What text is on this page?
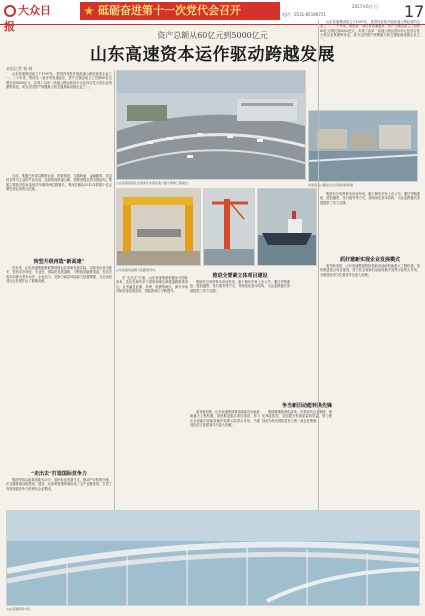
大众日报
砥砺奋进第十一次党代会召开	电话：0531-85196721
2017年6月 日	17
资产总额从60亿元到5000亿元
山东高速资本运作驱动跨越发展
本报记者 杨 峰
山东高速集团在全国率先实现高速公路大修施工新模式。	中国高速公路综合运营服务新版图
山东高速集团旗下铁路建设中。
山东高速集团成立于1997年，是国内首批开展高速公路经营的企业之一。二十年来，集团从一条济青高速起步，资产总额由成立之初的60亿元增长到5000亿元，实现了由单一高速公路运营向多元化综合性大型企业集团的转变，成为全国资产规模最大的交通基础设施企业之一。
目前，集团已形成以路桥运营、投资建设、交通物流、金融服务、信息技术等为主业的产业布局，运营管理高速公路、铁路里程位居全国前列。集团主要经济指标连续多年保持两位数增长，利润总额由2012年的数十亿元增长到目前的百亿级。
转型升级再造“新高速”
近年来，山东高速集团紧紧围绕国企改革和发展实际，以资本运营为抓手，坚持走市场化、专业化、国际化发展道路，不断拓宽融资渠道，先后完成多项重大资本运作，企业活力、竞争力和抗风险能力显著增强，为全省经济社会发展作出了积极贡献。
“走出去”打造国际竞争力
集团坚持以改革创新为动力，加快转变发展方式，推动产业转型升级，在交通基础设施投资、建设、运营和管理领域形成了全产业链优势，打造了具有较强竞争力的现代企业集团。
在“走出去”方面，山东高速集团积极参与国际竞争，先后在海外多个国家和地区承建道路桥梁项目，业务遍及亚洲、非洲、欧洲等地区，海外市场开拓取得显著成效，国际影响力不断提升。
推进全要素立体项目建设
集团充分发挥资本市场作用，旗下拥有多家上市公司，通过并购重组、股权融资、发行债券等方式，持续优化资本结构，为企业跨越式发展提供了有力支撑。
争当新旧动能转换先锋
面对新形势，山东高速集团将抢抓新旧动能转换重大工程机遇，加快推进重点项目建设，努力在全省新旧动能转换中发挥示范带头作用，为建设经济文化强省作出更大贡献。
集团将继续深化改革，完善现代企业制度，强化风险防控，全面提升发展质量和效益，努力建设成为具有国际竞争力的一流企业集团。
山东高速集团成立于1997年，是国内首批开展高速公路经营的企业之一。二十年来，集团从一条济青高速起步，资产总额由成立之初的60亿元增长到5000亿元，实现了由单一高速公路运营向多元化综合性大型企业集团的转变，成为全国资产规模最大的交通基础设施企业之一。
集团充分发挥资本市场作用，旗下拥有多家上市公司，通过并购重组、股权融资、发行债券等方式，持续优化资本结构，为企业跨越式发展提供了有力支撑。
抓好建新实现企业发展模式
面对新形势，山东高速集团将抢抓新旧动能转换重大工程机遇，加快推进重点项目建设，努力在全省新旧动能转换中发挥示范带头作用，为建设经济文化强省作出更大贡献。
山东高速跨海大桥。
